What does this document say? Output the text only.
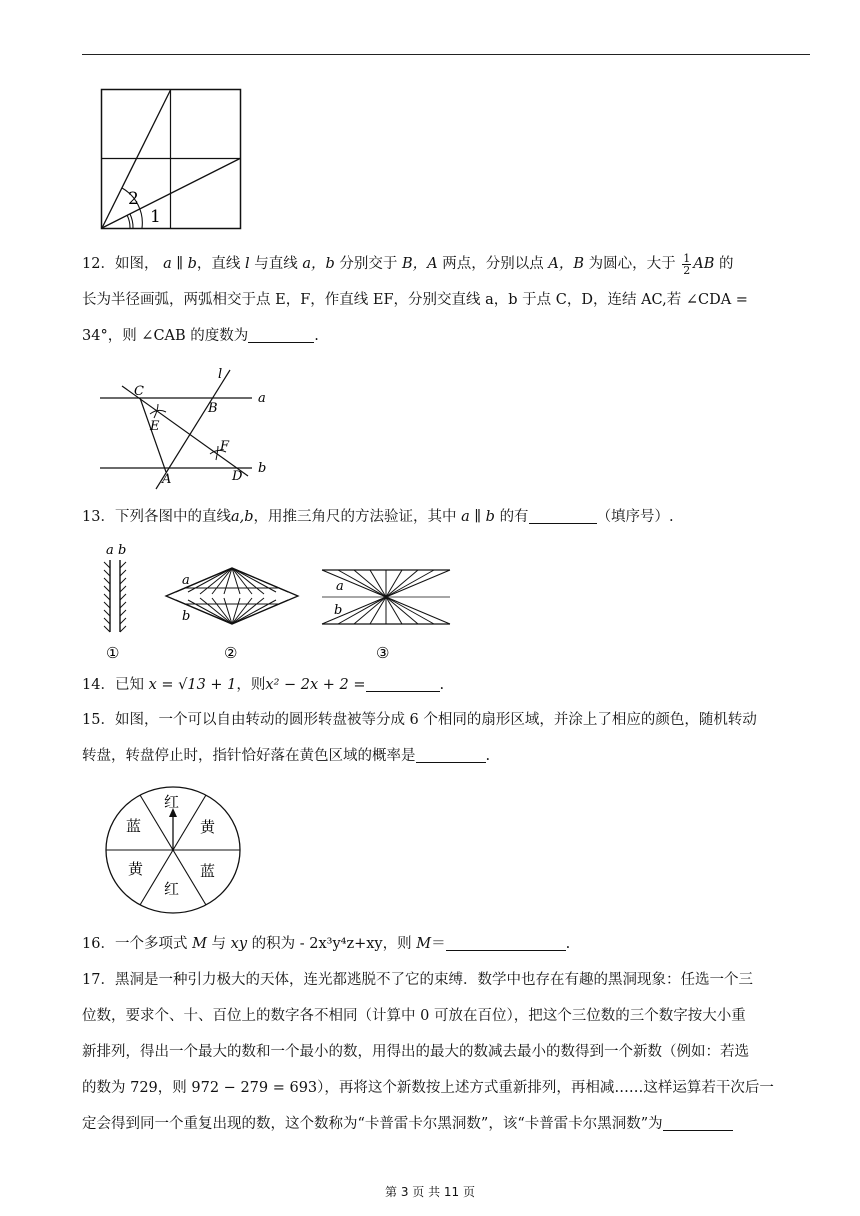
2
1

12．如图， a ∥ b，直线 l 与直线 a，b 分别交于 B，A 两点，分别以点 A，B 为圆心，大于 $\frac{1}{2}$ AB 的

长为半径画弧，两弧相交于点 E，F，作直线 EF，分别交直线 a，b 于点 C，D，连结 AC,若 ∠CDA =

34°，则 ∠CAB 的度数为	.

C
E
B
l
a
F
D
b
A

13．下列各图中的直线a,b，用推三角尺的方法验证，其中 a ∥ b 的有	（填序号）.

a b
①
a
b
②
a
b
③

14．已知 x = √13 + 1，则x² − 2x + 2 =	.

15．如图，一个可以自由转动的圆形转盘被等分成 6 个相同的扇形区域，并涂上了相应的颜色，随机转动

转盘，转盘停止时，指针恰好落在黄色区域的概率是	.

红
黄
蓝
红
黄
蓝

16．一个多项式 M 与 xy 的积为 - 2x³y⁴z+xy，则 M＝	.

17．黑洞是一种引力极大的天体，连光都逃脱不了它的束缚．数学中也存在有趣的黑洞现象：任选一个三

位数，要求个、十、百位上的数字各不相同（计算中 0 可放在百位），把这个三位数的三个数字按大小重

新排列，得出一个最大的数和一个最小的数，用得出的最大的数减去最小的数得到一个新数（例如：若选

的数为 729，则 972 − 279 = 693），再将这个新数按上述方式重新排列，再相减……这样运算若干次后一

定会得到同一个重复出现的数，这个数称为“卡普雷卡尔黑洞数”，该“卡普雷卡尔黑洞数”为

第 3 页 共 11 页
